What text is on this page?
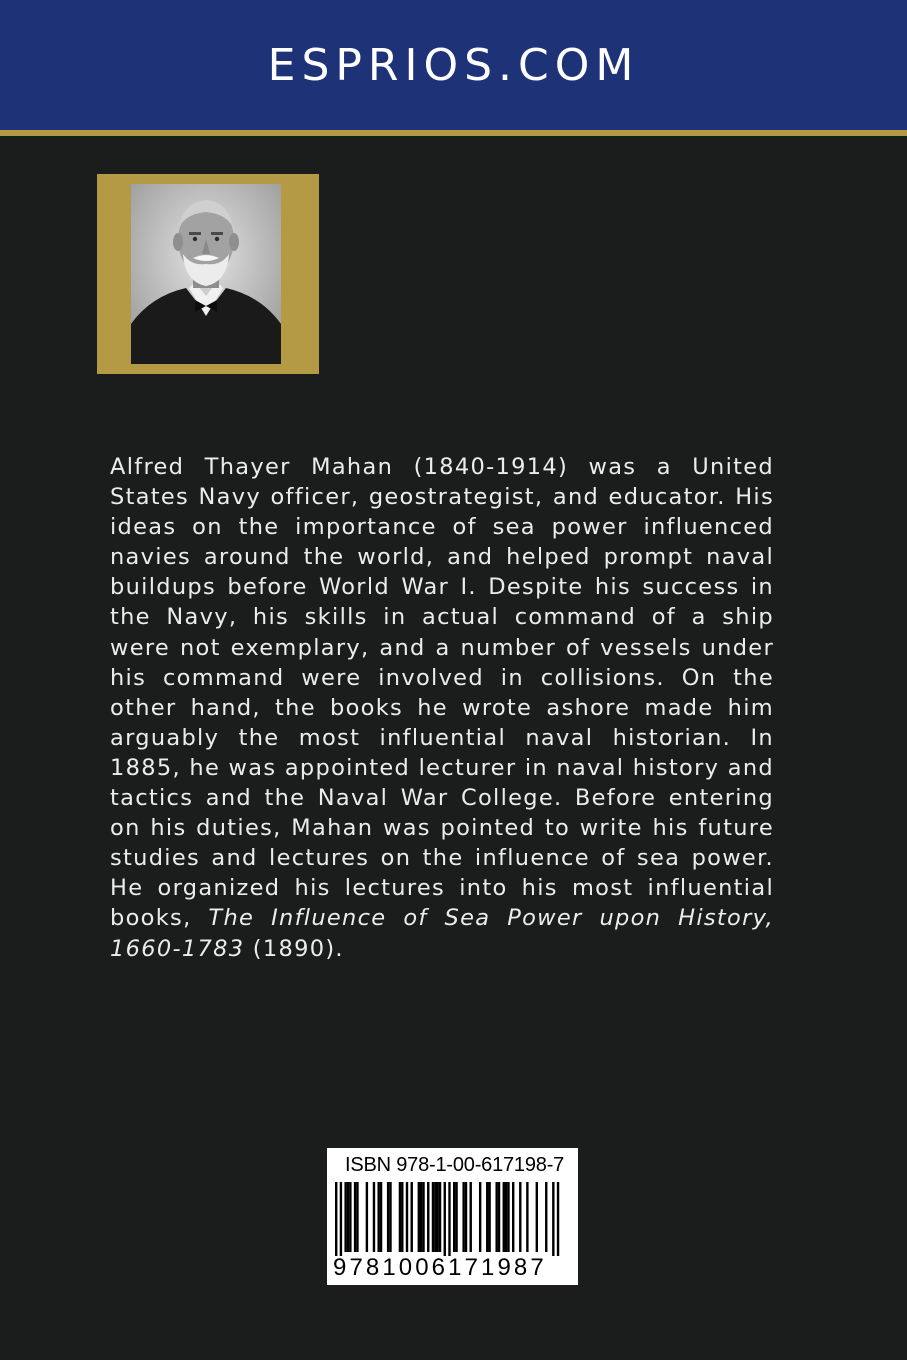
ESPRIOS.COM

Alfred Thayer Mahan (1840-1914) was a United States Navy officer, geostrategist, and educator. His ideas on the importance of sea power influenced navies around the world, and helped prompt naval buildups before World War I. Despite his success in the Navy, his skills in actual command of a ship were not exemplary, and a number of vessels under his command were involved in collisions. On the other hand, the books he wrote ashore made him arguably the most influential naval historian. In 1885, he was appointed lecturer in naval history and tactics and the Naval War College. Before entering on his duties, Mahan was pointed to write his future studies and lectures on the influence of sea power. He organized his lectures into his most influential books, The Influence of Sea Power upon History, 1660-1783 (1890).

ISBN 978-1-00-617198-7
9781006171987
